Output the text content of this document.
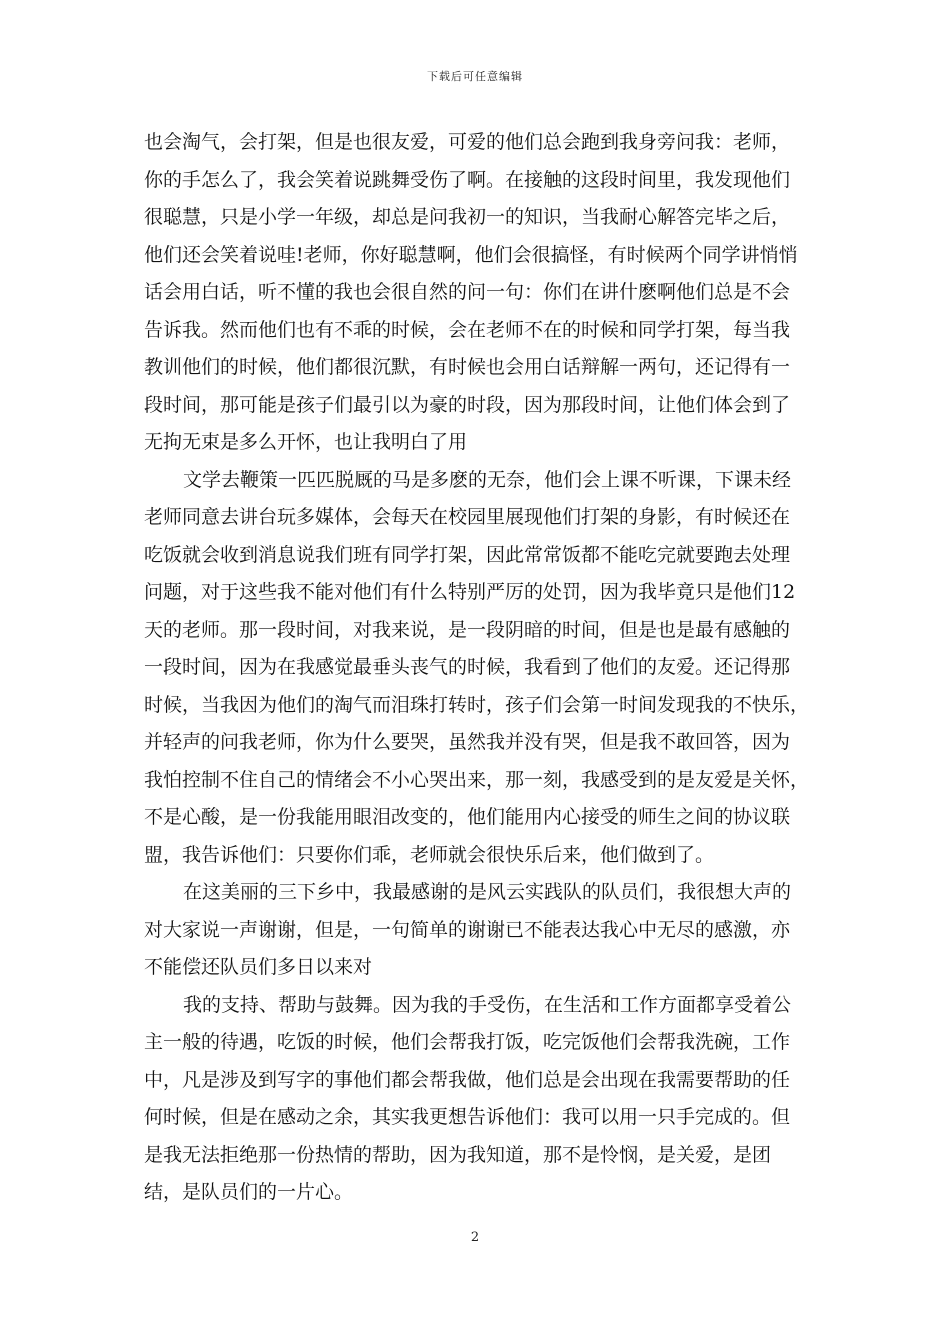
下载后可任意编辑
也会淘气，会打架，但是也很友爱，可爱的他们总会跑到我身旁问我：老师，
你的手怎么了，我会笑着说跳舞受伤了啊。在接触的这段时间里，我发现他们
很聪慧，只是小学一年级，却总是问我初一的知识，当我耐心解答完毕之后，
他们还会笑着说哇!老师，你好聪慧啊，他们会很搞怪，有时候两个同学讲悄悄
话会用白话，听不懂的我也会很自然的问一句：你们在讲什麽啊他们总是不会
告诉我。然而他们也有不乖的时候，会在老师不在的时候和同学打架，每当我
教训他们的时候，他们都很沉默，有时候也会用白话辩解一两句，还记得有一
段时间，那可能是孩子们最引以为豪的时段，因为那段时间，让他们体会到了
无拘无束是多么开怀，也让我明白了用
文学去鞭策一匹匹脱厩的马是多麽的无奈，他们会上课不听课，下课未经
老师同意去讲台玩多媒体，会每天在校园里展现他们打架的身影，有时候还在
吃饭就会收到消息说我们班有同学打架，因此常常饭都不能吃完就要跑去处理
问题，对于这些我不能对他们有什么特别严厉的处罚，因为我毕竟只是他们12
天的老师。那一段时间，对我来说，是一段阴暗的时间，但是也是最有感触的
一段时间，因为在我感觉最垂头丧气的时候，我看到了他们的友爱。还记得那
时候，当我因为他们的淘气而泪珠打转时，孩子们会第一时间发现我的不快乐，
并轻声的问我老师，你为什么要哭，虽然我并没有哭，但是我不敢回答，因为
我怕控制不住自己的情绪会不小心哭出来，那一刻，我感受到的是友爱是关怀，
不是心酸，是一份我能用眼泪改变的，他们能用内心接受的师生之间的协议联
盟，我告诉他们：只要你们乖，老师就会很快乐后来，他们做到了。
在这美丽的三下乡中，我最感谢的是风云实践队的队员们，我很想大声的
对大家说一声谢谢，但是，一句简单的谢谢已不能表达我心中无尽的感激，亦
不能偿还队员们多日以来对
我的支持、帮助与鼓舞。因为我的手受伤，在生活和工作方面都享受着公
主一般的待遇，吃饭的时候，他们会帮我打饭，吃完饭他们会帮我洗碗，工作
中，凡是涉及到写字的事他们都会帮我做，他们总是会出现在我需要帮助的任
何时候，但是在感动之余，其实我更想告诉他们：我可以用一只手完成的。但
是我无法拒绝那一份热情的帮助，因为我知道，那不是怜悯，是关爱，是团
结，是队员们的一片心。
2
